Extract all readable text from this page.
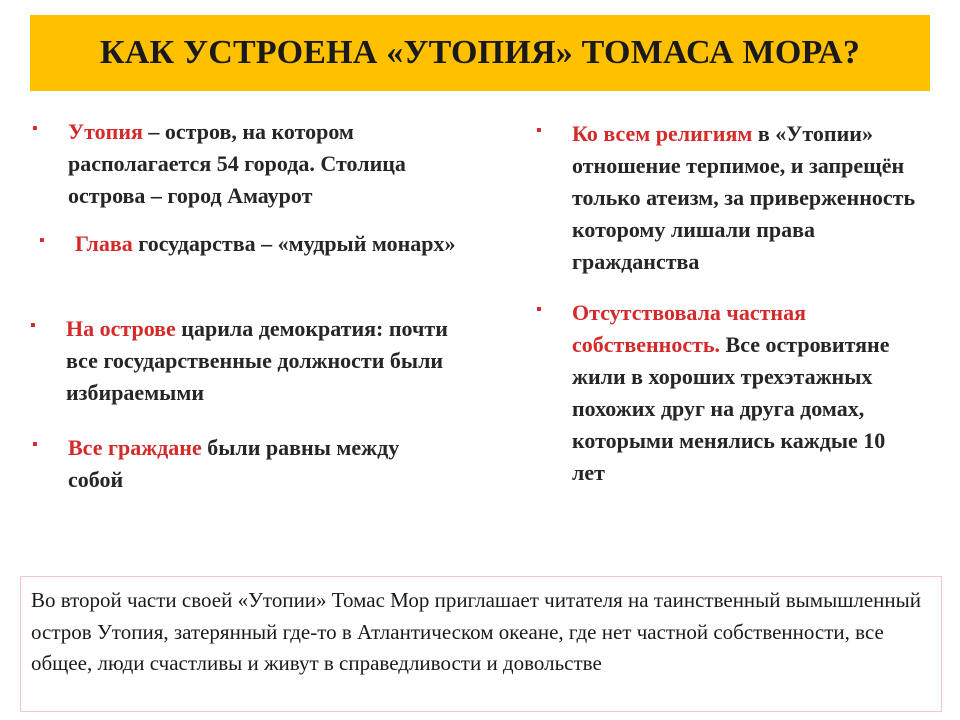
КАК УСТРОЕНА «УТОПИЯ» ТОМАСА МОРА?
▪ Утопия – остров, на котором располагается 54 города. Столица острова – город Амаурот
▪ Глава государства – «мудрый монарх»
▪ На острове царила демократия: почти все государственные должности были избираемыми
▪ Все граждане были равны между собой
▪ Ко всем религиям в «Утопии» отношение терпимое, и запрещён только атеизм, за приверженность которому лишали права гражданства
▪ Отсутствовала частная собственность. Все островитяне жили в хороших трехэтажных похожих друг на друга домах, которыми менялись каждые 10 лет
Во второй части своей «Утопии» Томас Мор приглашает читателя на таинственный вымышленный остров Утопия, затерянный где-то в Атлантическом океане, где нет частной собственности, все общее, люди счастливы и живут в справедливости и довольстве
